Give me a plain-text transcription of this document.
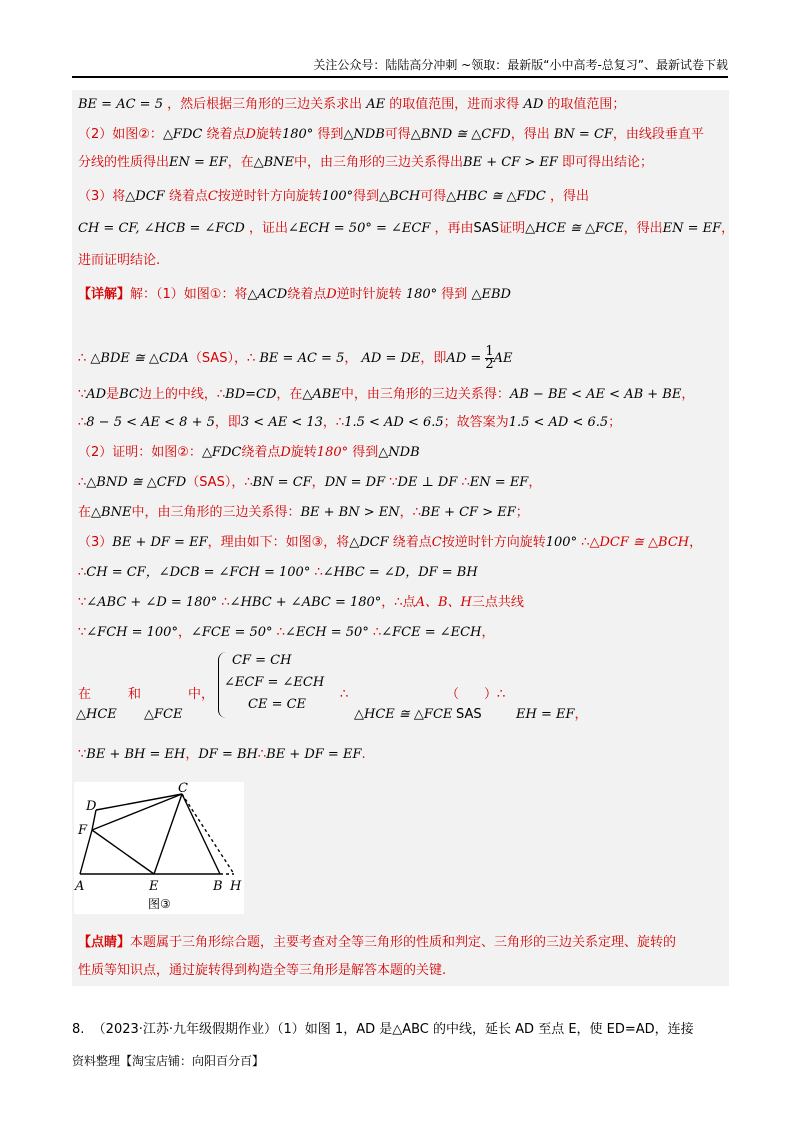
关注公众号：陆陆高分冲刺 ~领取：最新版“小中高考-总复习”、最新试卷下载
BE = AC = 5 ，然后根据三角形的三边关系求出 AE 的取值范围，进而求得 AD 的取值范围；
（2）如图②：△FDC 绕着点D旋转180° 得到△NDB可得△BND ≅ △CFD，得出 BN = CF，由线段垂直平
分线的性质得出EN = EF，在△BNE中，由三角形的三边关系得出BE + CF > EF 即可得出结论；
（3）将△DCF 绕着点C按逆时针方向旋转100°得到△BCH可得△HBC ≅ △FDC ，得出
CH = CF, ∠HCB = ∠FCD ，证出∠ECH = 50° = ∠ECF ，再由SAS证明△HCE ≅ △FCE，得出EN = EF，
进而证明结论.
【详解】解：（1）如图①：将△ACD绕着点D逆时针旋转 180° 得到 △EBD
∴ △BDE ≅ △CDA（SAS），∴ BE = AC = 5， AD = DE，即AD = $\frac{1}{2}$ AE
∵AD是BC边上的中线，∴BD=CD，在△ABE中，由三角形的三边关系得：AB − BE < AE < AB + BE，
∴8 − 5 < AE < 8 + 5，即3 < AE < 13，∴1.5 < AD < 6.5；故答案为1.5 < AD < 6.5；
（2）证明：如图②：△FDC绕着点D旋转180° 得到△NDB
∴△BND ≅ △CFD（SAS），∴BN = CF，DN = DF ∵DE ⊥ DF ∴EN = EF，
在△BNE中，由三角形的三边关系得：BE + BN > EN，∴BE + CF > EF；
（3）BE + DF = EF，理由如下：如图③，将△DCF 绕着点C按逆时针方向旋转100° ∴△DCF ≅ △BCH，
∴CH = CF，∠DCB = ∠FCH = 100° ∴∠HBC = ∠D，DF = BH
∵∠ABC + ∠D = 180° ∴∠HBC + ∠ABC = 180°，∴点A、B、H三点共线
∵∠FCH = 100°，∠FCE = 50° ∴∠ECH = 50° ∴∠FCE = ∠ECH，
在
△HCE
和
△FCE
中，
CF = CH
∠ECF = ∠ECH
CE = CE
∴
△HCE ≅ △FCE
（
SAS
）∴
EH = EF，
∵BE + BH = EH，DF = BH∴BE + DF = EF.
【点睛】本题属于三角形综合题，主要考查对全等三角形的性质和判定、三角形的三边关系定理、旋转的
性质等知识点，通过旋转得到构造全等三角形是解答本题的关键.
D
C
F
A	E	B H
图③
8. （2023·江苏·九年级假期作业）（1）如图 1，AD 是△ABC 的中线，延长 AD 至点 E，使 ED=AD，连接
资料整理【淘宝店铺：向阳百分百】
